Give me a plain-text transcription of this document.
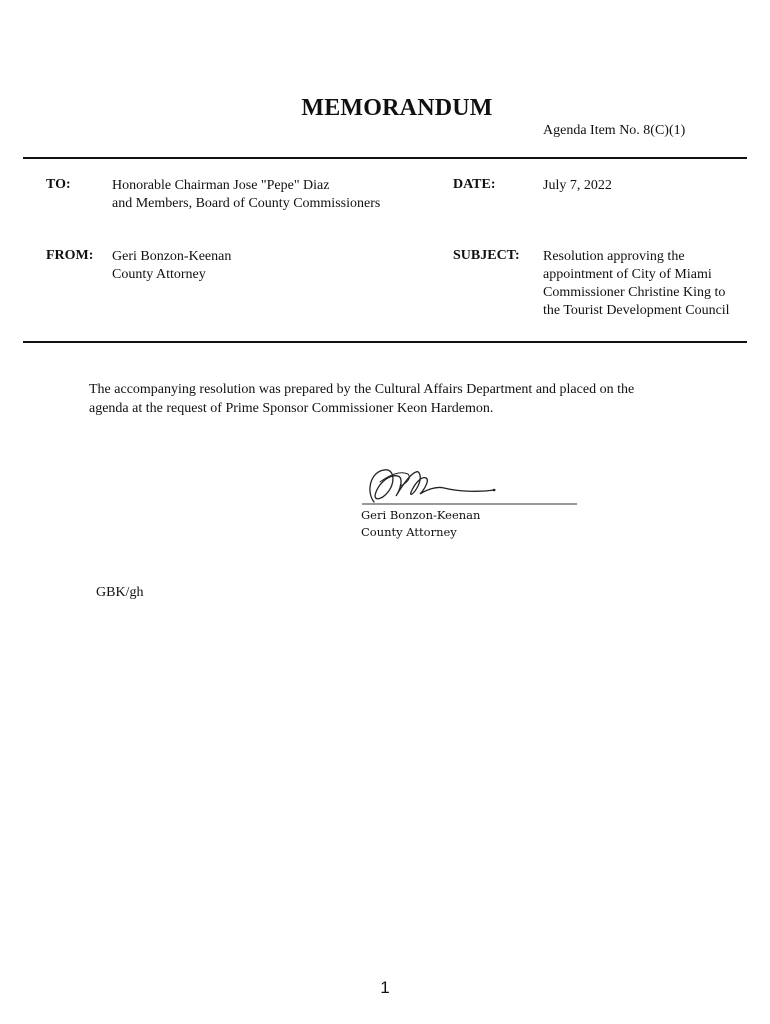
MEMORANDUM
Agenda Item No. 8(C)(1)
TO:	Honorable Chairman Jose "Pepe" Diaz
and Members, Board of County Commissioners
DATE:	July 7, 2022
FROM: Geri Bonzon-Keenan
County Attorney
SUBJECT: Resolution approving the
appointment of City of Miami
Commissioner Christine King to
the Tourist Development Council
The accompanying resolution was prepared by the Cultural Affairs Department and placed on the
agenda at the request of Prime Sponsor Commissioner Keon Hardemon.
Geri Bonzon-Keenan
County Attorney
GBK/gh
1
